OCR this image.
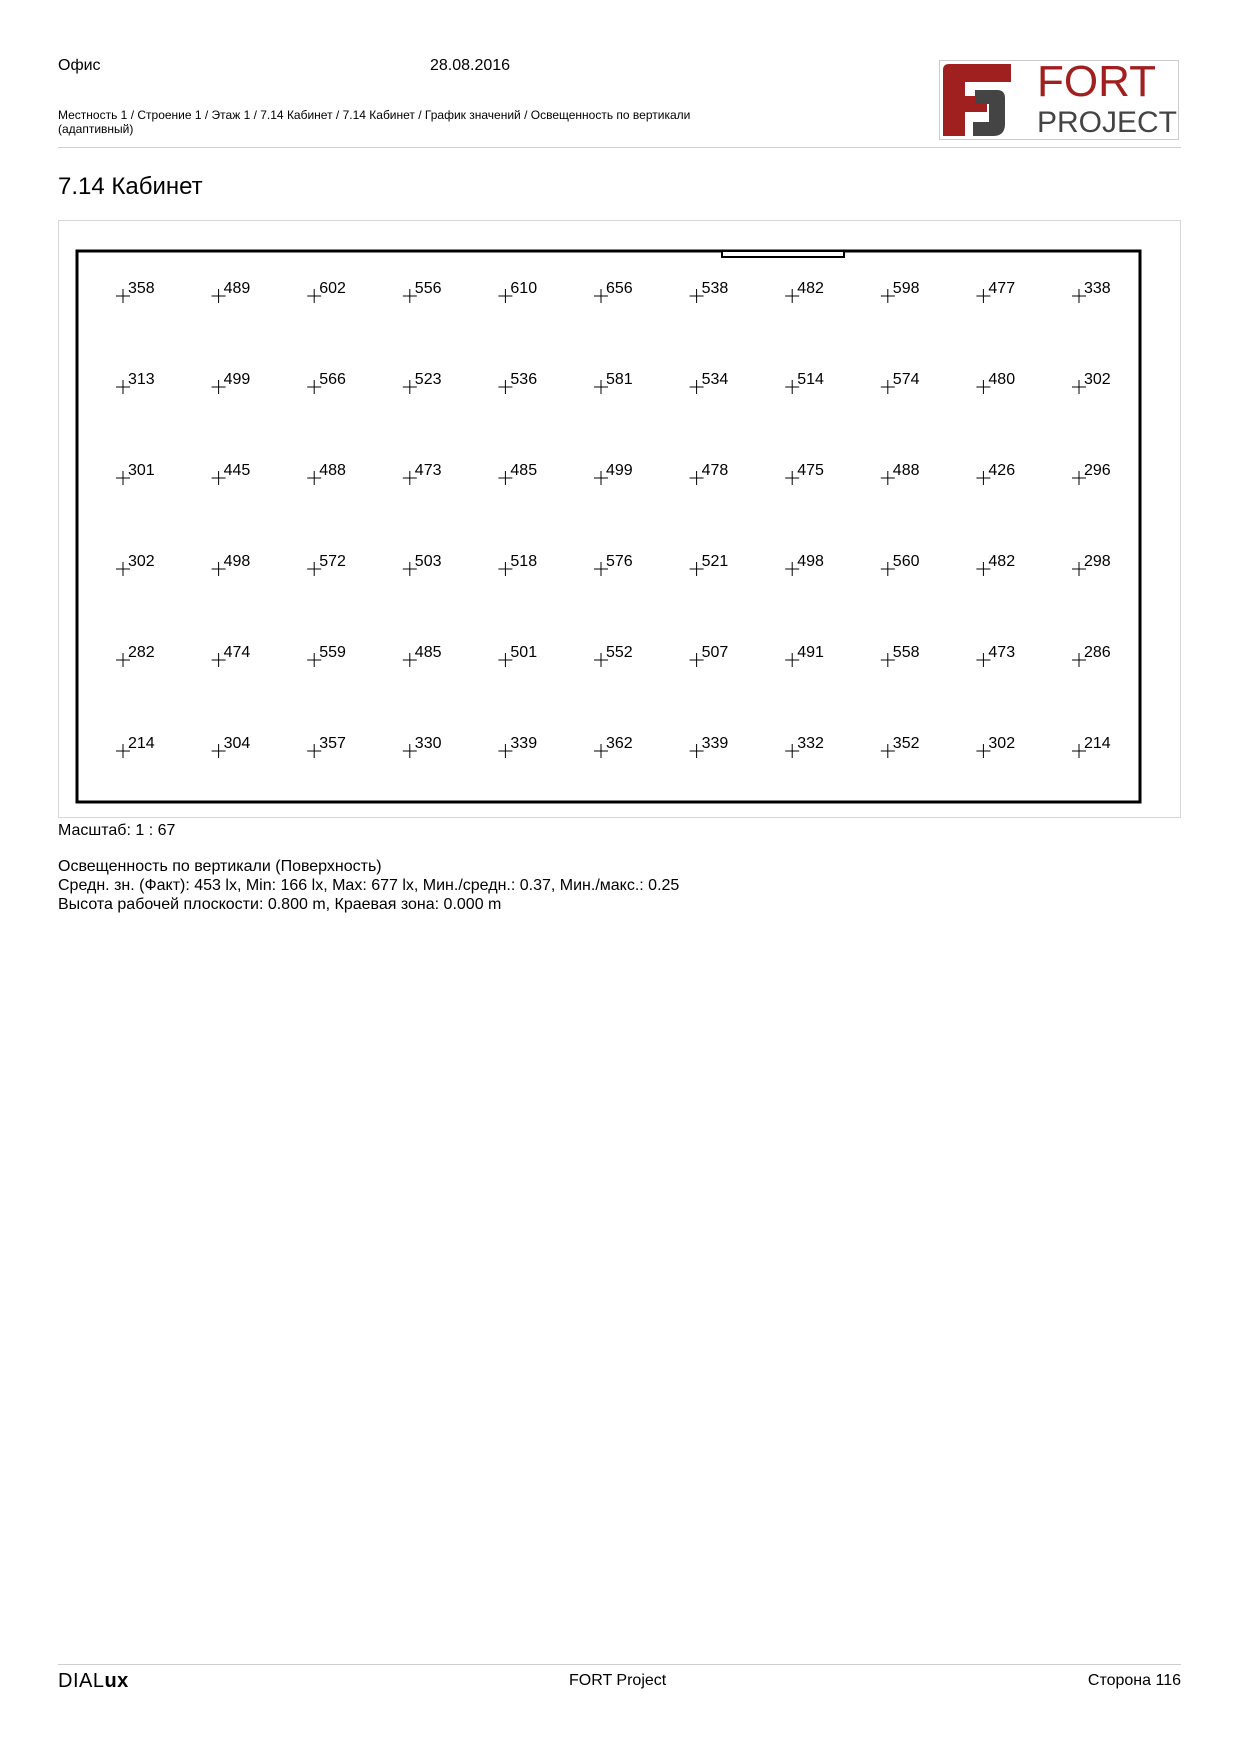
Офис	28.08.2016
Местность 1 / Строение 1 / Этаж 1 / 7.14 Кабинет / 7.14 Кабинет / График значений / Освещенность по вертикали (адаптивный)
FORT
PROJECT
7.14 Кабинет
358	489	602	556	610	656	538	482	598	477	338
313	499	566	523	536	581	534	514	574	480	302
301	445	488	473	485	499	478	475	488	426	296
302	498	572	503	518	576	521	498	560	482	298
282	474	559	485	501	552	507	491	558	473	286
214	304	357	330	339	362	339	332	352	302	214
Масштаб: 1 : 67
Освещенность по вертикали (Поверхность)
Средн. зн. (Факт): 453 lx, Min: 166 lx, Max: 677 lx, Мин./средн.: 0.37, Мин./макс.: 0.25
Высота рабочей плоскости: 0.800 m, Краевая зона: 0.000 m
DIALux	FORT Project	Сторона 116
